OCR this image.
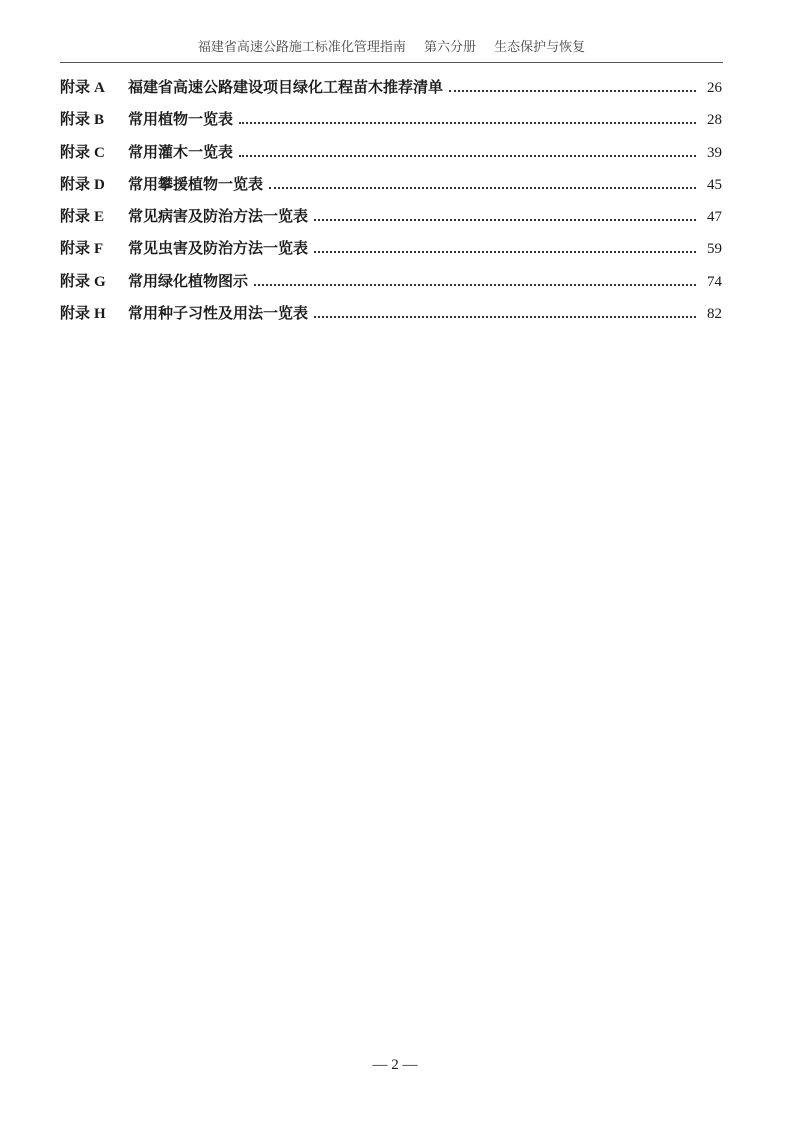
福建省高速公路施工标准化管理指南 第六分册 生态保护与恢复
附录 A	福建省高速公路建设项目绿化工程苗木推荐清单	26
附录 B	常用植物一览表	28
附录 C	常用灌木一览表	39
附录 D	常用攀援植物一览表	45
附录 E	常见病害及防治方法一览表	47
附录 F	常见虫害及防治方法一览表	59
附录 G	常用绿化植物图示	74
附录 H	常用种子习性及用法一览表	82
— 2 —
